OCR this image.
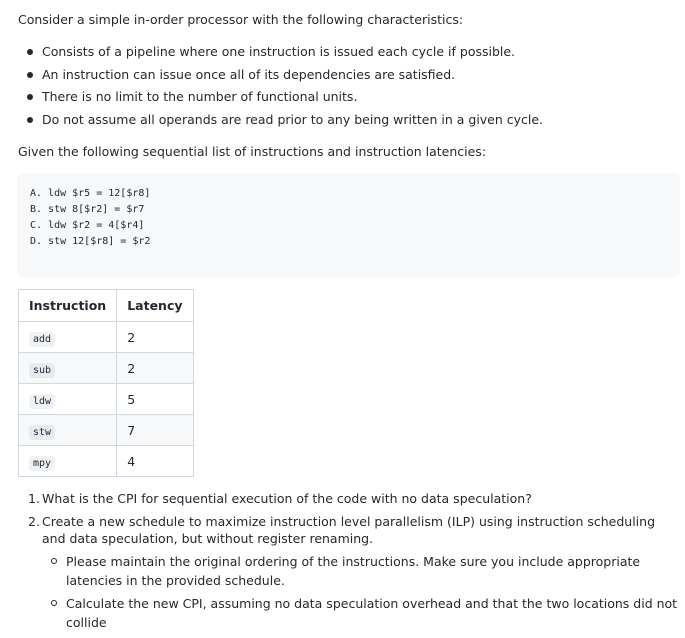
Consider a simple in-order processor with the following characteristics:

Consists of a pipeline where one instruction is issued each cycle if possible.
An instruction can issue once all of its dependencies are satisfied.
There is no limit to the number of functional units.
Do not assume all operands are read prior to any being written in a given cycle.

Given the following sequential list of instructions and instruction latencies:

A. ldw $r5 = 12[$r8]
B. stw 8[$r2] = $r7
C. ldw $r2 = 4[$r4]
D. stw 12[$r8] = $r2
Instruction	Latency
add	2
sub	2
ldw	5
stw	7
mpy	4
1. What is the CPI for sequential execution of the code with no data speculation?
2. Create a new schedule to maximize instruction level parallelism (ILP) using instruction scheduling and data speculation, but without register renaming.
Please maintain the original ordering of the instructions. Make sure you include appropriate latencies in the provided schedule.
Calculate the new CPI, assuming no data speculation overhead and that the two locations did not collide
